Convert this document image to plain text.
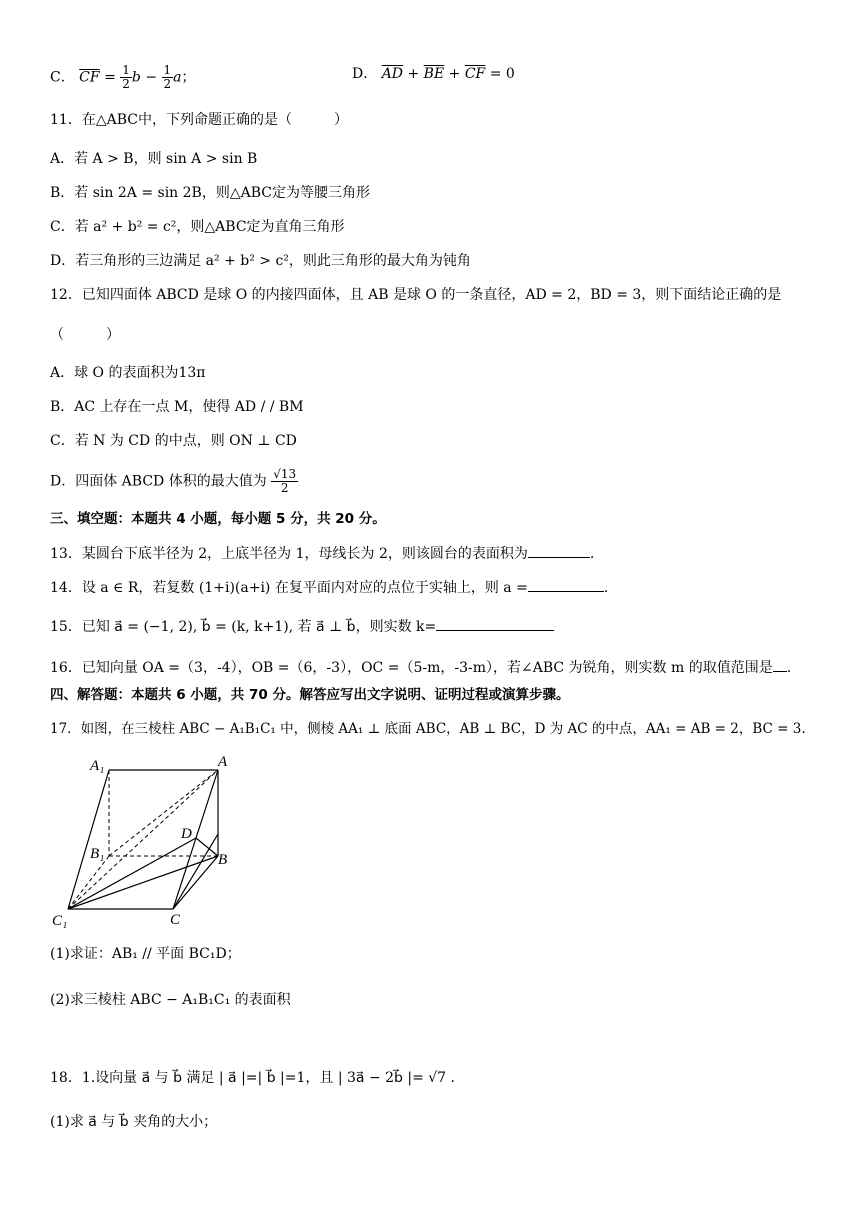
C． $\overline{CF} = \frac{1}{2}$ $b - \frac{1}{2}$ a；	D． $\overline{AD} + \overline{BE} + \overline{CF} = 0$
11．在△ABC中，下列命题正确的是（　　　）
A．若 A > B，则 sin A > sin B
B．若 sin 2A = sin 2B，则△ABC定为等腰三角形
C．若 a² + b² = c²，则△ABC定为直角三角形
D．若三角形的三边满足 a² + b² > c²，则此三角形的最大角为钝角
12．已知四面体 ABCD 是球 O 的内接四面体，且 AB 是球 O 的一条直径，AD = 2，BD = 3，则下面结论正确的是
（　　　）
A．球 O 的表面积为13π
B．AC 上存在一点 M，使得 AD / / BM
C．若 N 为 CD 的中点，则 ON ⊥ CD
D．四面体 ABCD 体积的最大值为 $\frac{√13}{2}$
三、填空题：本题共 4 小题，每小题 5 分，共 20 分。
13．某圆台下底半径为 2，上底半径为 1，母线长为 2，则该圆台的表面积为	.
14．设 a ∈ R，若复数 (1+i)(a+i) 在复平面内对应的点位于实轴上，则 a =	.
15．已知 a⃗ = (−1, 2), b⃗ = (k, k+1), 若 a⃗ ⊥ b⃗，则实数 k=
16．已知向量 OA =（3，-4），OB =（6，-3），OC =（5-m，-3-m），若∠ABC 为锐角，则实数 m 的取值范围是 .
四、解答题：本题共 6 小题，共 70 分。解答应写出文字说明、证明过程或演算步骤。
17．如图，在三棱柱 ABC − A₁B₁C₁ 中，侧棱 AA₁ ⊥ 底面 ABC，AB ⊥ BC，D 为 AC 的中点，AA₁ = AB = 2，BC = 3.
A₁	A
D
B₁	B
C₁	C
(1)求证：AB₁ // 平面 BC₁D；
(2)求三棱柱 ABC − A₁B₁C₁ 的表面积
18．1.设向量 a⃗ 与 b⃗ 满足 | a⃗ |=| b⃗ |=1，且 | 3a⃗ − 2b⃗ |= √7 .
(1)求 a⃗ 与 b⃗ 夹角的大小；
